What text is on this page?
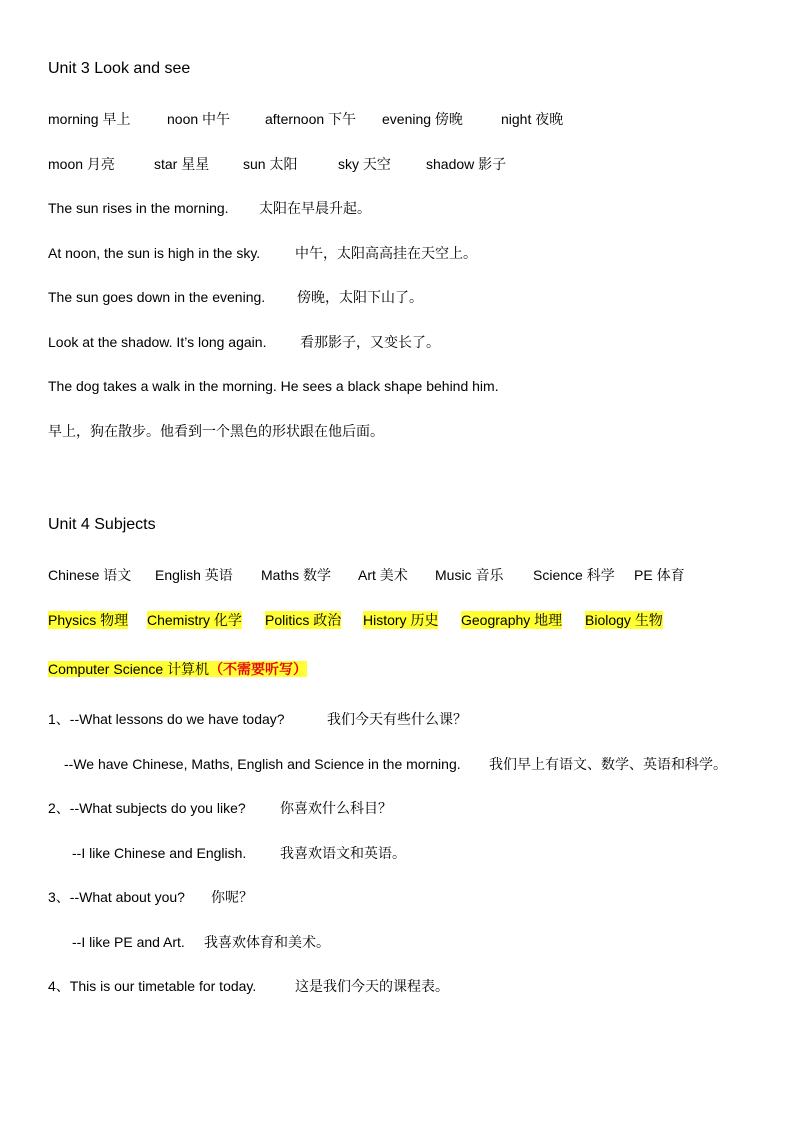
Unit 3 Look and see
morning 早上	noon 中午 afternoon 下午 evening 傍晚	night 夜晚
moon 月亮	star 星星 sun 太阳	sky 天空	shadow 影子
The sun rises in the morning. 太阳在早晨升起。
At noon, the sun is high in the sky. 中午，太阳高高挂在天空上。
The sun goes down in the evening. 傍晚，太阳下山了。
Look at the shadow. It’s long again. 看那影子，又变长了。
The dog takes a walk in the morning. He sees a black shape behind him.
早上，狗在散步。他看到一个黑色的形状跟在他后面。
Unit 4 Subjects
Chinese 语文 English 英语 Maths 数学 Art 美术 Music 音乐 Science 科学 PE 体育
Physics 物理 Chemistry 化学 Politics 政治 History 历史 Geography 地理 Biology 生物
Computer Science 计算机（不需要听写）
1、--What lessons do we have today?	我们今天有些什么课？
--We have Chinese, Maths, English and Science in the morning. 我们早上有语文、数学、英语和科学。
2、--What subjects do you like? 你喜欢什么科目？
--I like Chinese and English. 我喜欢语文和英语。
3、--What about you? 你呢？
--I like PE and Art. 我喜欢体育和美术。
4、This is our timetable for today.	这是我们今天的课程表。
